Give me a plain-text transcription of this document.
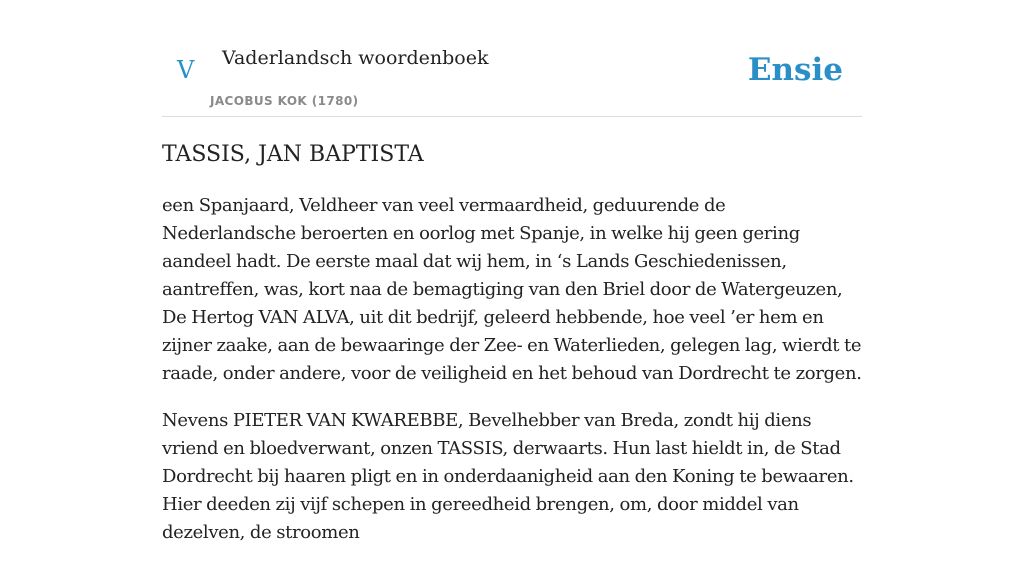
V Vaderlandsch woordenboek
JACOBUS KOK (1780)
Ensie
TASSIS, JAN BAPTISTA

een Spanjaard, Veldheer van veel vermaardheid, geduurende de Nederlandsche beroerten en oorlog met Spanje, in welke hij geen gering aandeel hadt. De eerste maal dat wij hem, in ‘s Lands Geschiedenissen, aantreffen, was, kort naa de bemagtiging van den Briel door de Watergeuzen, De Hertog VAN ALVA, uit dit bedrijf, geleerd hebbende, hoe veel ’er hem en zijner zaake, aan de bewaaringe der Zee- en Waterlieden, gelegen lag, wierdt te raade, onder andere, voor de veiligheid en het behoud van Dordrecht te zorgen.

Nevens PIETER VAN KWAREBBE, Bevelhebber van Breda, zondt hij diens vriend en bloedverwant, onzen TASSIS, derwaarts. Hun last hieldt in, de Stad Dordrecht bij haaren pligt en in onderdaanigheid aan den Koning te bewaaren. Hier deeden zij vijf schepen in gereedheid brengen, om, door middel van dezelven, de stroomen
